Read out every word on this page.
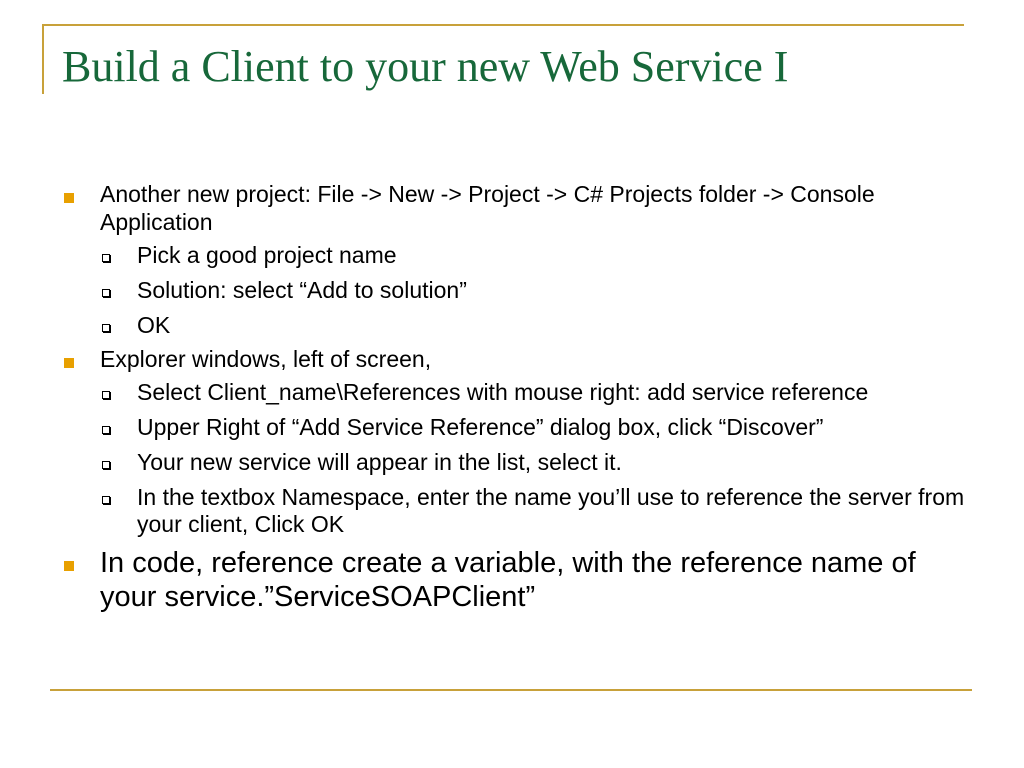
Build a Client to your new Web Service I
Another new project: File -> New -> Project -> C# Projects folder -> Console Application
Pick a good project name
Solution: select “Add to solution”
OK
Explorer windows, left of screen,
Select Client_name\References with mouse right: add service reference
Upper Right of “Add Service Reference” dialog box, click “Discover”
Your new service will appear in the list, select it.
In the textbox Namespace, enter the name you’ll use to reference the server from your client, Click OK
In code, reference create a variable, with the reference name of your service.”ServiceSOAPClient”
